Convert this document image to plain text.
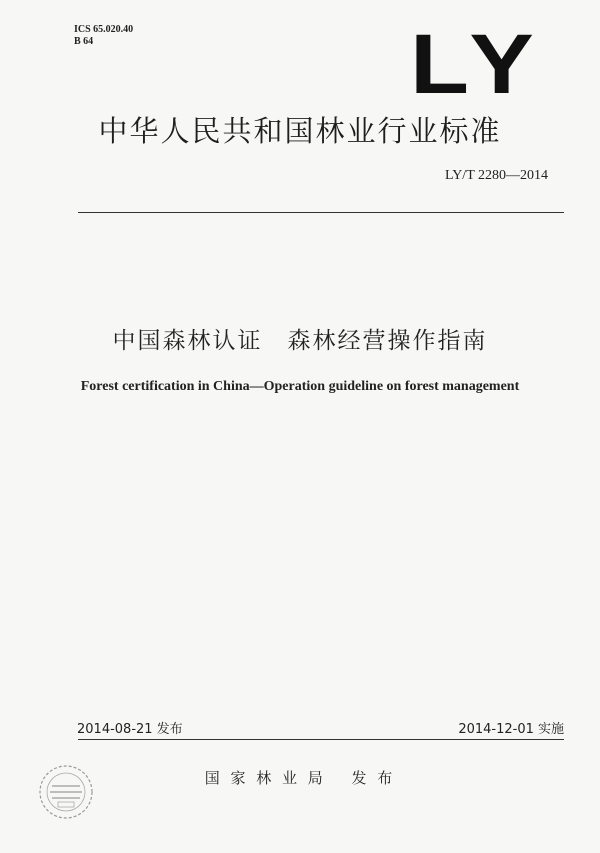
ICS 65.020.40
B 64	LY
中华人民共和国林业行业标准
LY/T 2280—2014
中国森林认证　森林经营操作指南
Forest certification in China—Operation guideline on forest management
2014-08-21 发布	2014-12-01 实施
国 家 林 业 局　 发 布
